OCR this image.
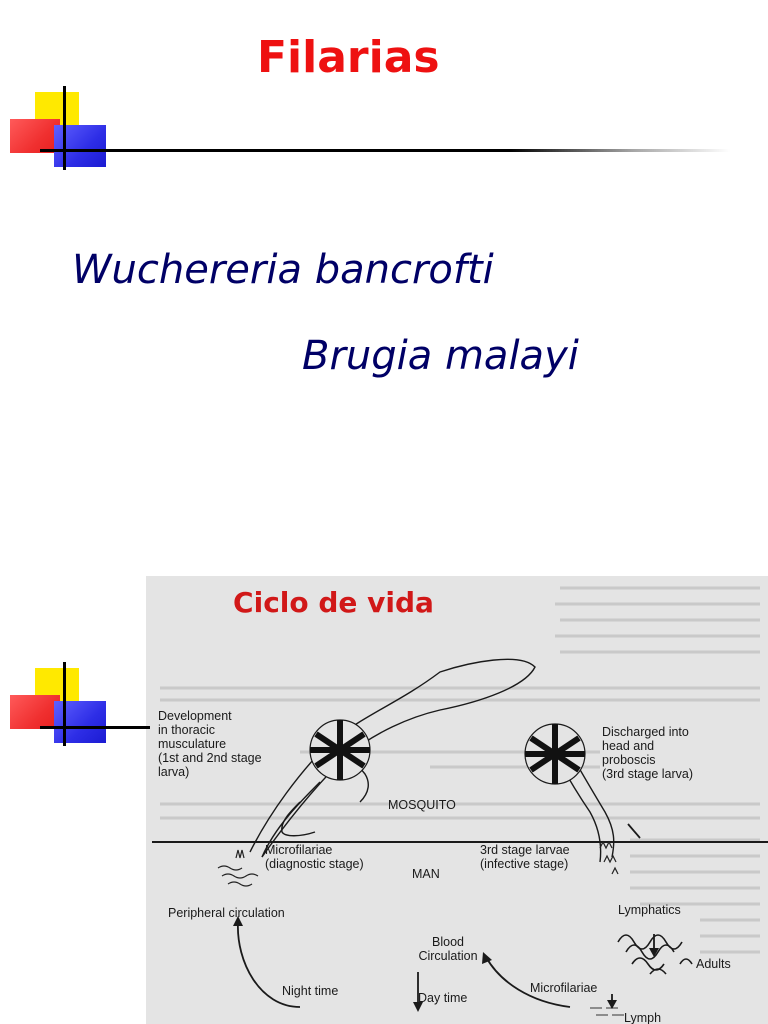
Filarias

Wuchereria bancrofti

Brugia malayi

Development
in thoracic
musculature
(1st and 2nd stage
larva)
Discharged into
head and
proboscis
(3rd stage larva)
MOSQUITO
MAN
Microfilariae
(diagnostic stage)
3rd stage larvae
(infective stage)
Peripheral circulation
Blood
Circulation
Lymphatics
Adults
Night time	Day time
Microfilariae
Lymph
Ciclo de vida
